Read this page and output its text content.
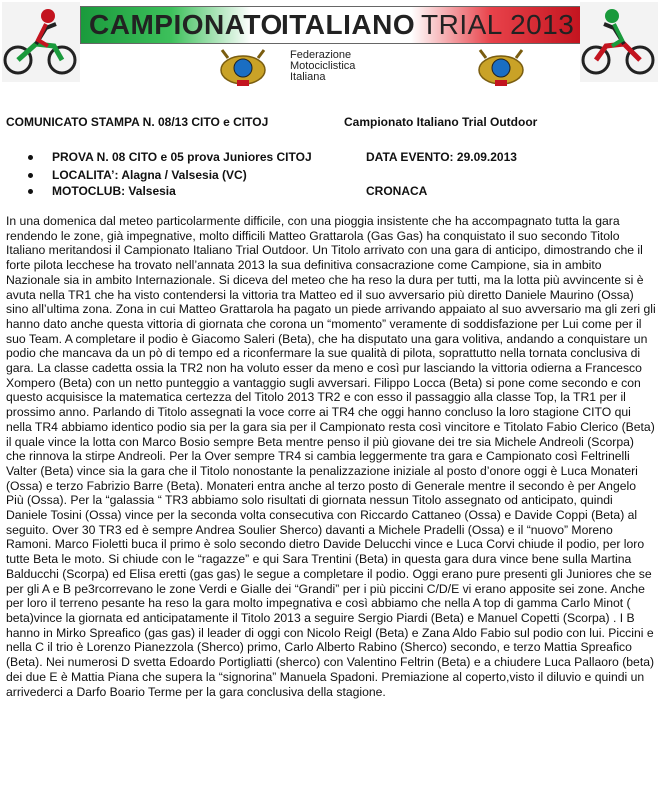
CAMPIONATO
ITALIANO TRIAL 2013
Federazione
Motociclistica
Italiana
COMUNICATO STAMPA N. 08/13 CITO e CITOJ	Campionato Italiano Trial Outdoor
PROVA N. 08 CITO e 05 prova Juniores CITOJ	DATA EVENTO: 29.09.2013
LOCALITA’: Alagna / Valsesia (VC)
MOTOCLUB: Valsesia	CRONACA
In una domenica dal meteo particolarmente difficile, con una pioggia insistente che ha accompagnato tutta la gara rendendo le zone, già impegnative, molto difficili Matteo Grattarola (Gas Gas) ha conquistato il suo secondo Titolo Italiano meritandosi il Campionato Italiano Trial Outdoor. Un Titolo arrivato con una gara di anticipo, dimostrando che il forte pilota lecchese ha trovato nell’annata 2013 la sua definitiva consacrazione come Campione, sia in ambito Nazionale sia in ambito Internazionale. Si diceva del meteo che ha reso la dura per tutti, ma la lotta più avvincente si è avuta nella TR1 che ha visto contendersi la vittoria tra Matteo ed il suo avversario più diretto Daniele Maurino (Ossa) sino all’ultima zona. Zona in cui Matteo Grattarola ha pagato un piede arrivando appaiato al suo avversario ma gli zeri gli hanno dato anche questa vittoria di giornata che corona un “momento” veramente di soddisfazione per Lui come per il suo Team. A completare il podio è Giacomo Saleri (Beta), che ha disputato una gara volitiva, andando a conquistare un podio che mancava da un pò di tempo ed a riconfermare la sue qualità di pilota, soprattutto nella tornata conclusiva di gara. La classe cadetta ossia la TR2 non ha voluto esser da meno e così pur lasciando la vittoria odierna a Francesco Xompero (Beta) con un netto punteggio a vantaggio sugli avversari. Filippo Locca (Beta) si pone come secondo e con questo acquisisce la matematica certezza del Titolo 2013 TR2 e con esso il passaggio alla classe Top, la TR1 per il prossimo anno. Parlando di Titolo assegnati la voce corre ai TR4 che oggi hanno concluso la loro stagione CITO qui nella TR4 abbiamo identico podio sia per la gara sia per il Campionato resta così vincitore e Titolato Fabio Clerico (Beta) il quale vince la lotta con Marco Bosio sempre Beta mentre penso il più giovane dei tre sia Michele Andreoli (Scorpa) che rinnova la stirpe Andreoli. Per la Over sempre TR4 si cambia leggermente tra gara e Campionato così Feltrinelli Valter (Beta) vince sia la gara che il Titolo nonostante la penalizzazione iniziale al posto d’onore oggi è Luca Monateri (Ossa) e terzo Fabrizio Barre (Beta). Monateri entra anche al terzo posto di Generale mentre il secondo è per Angelo Più (Ossa). Per la “galassia “ TR3 abbiamo solo risultati di giornata nessun Titolo assegnato od anticipato, quindi Daniele Tosini (Ossa) vince per la seconda volta consecutiva con Riccardo Cattaneo (Ossa) e Davide Coppi (Beta) al seguito. Over 30 TR3 ed è sempre Andrea Soulier Sherco) davanti a Michele Pradelli (Ossa) e il “nuovo” Moreno Ramoni. Marco Fioletti buca il primo è solo secondo dietro Davide Delucchi vince e Luca Corvi chiude il podio, per loro tutte Beta le moto. Si chiude con le “ragazze” e qui Sara Trentini (Beta) in questa gara dura vince bene sulla Martina Balducchi (Scorpa) ed Elisa eretti (gas gas) le segue a completare il podio. Oggi erano pure presenti gli Juniores che se per gli A e B pe3rcorrevano le zone Verdi e Gialle dei “Grandi” per i più piccini C/D/E vi erano apposite sei zone. Anche per loro il terreno pesante ha reso la gara molto impegnativa e così abbiamo che nella A top di gamma Carlo Minot ( beta)vince la giornata ed anticipatamente il Titolo 2013 a seguire Sergio Piardi (Beta) e Manuel Copetti (Scorpa) . I B hanno in Mirko Spreafico (gas gas) il leader di oggi con Nicolo Reigl (Beta) e Zana Aldo Fabio sul podio con lui. Piccini e nella C il trio è Lorenzo Pianezzola (Sherco) primo, Carlo Alberto Rabino (Sherco) secondo, e terzo Mattia Spreafico (Beta). Nei numerosi D svetta Edoardo Portigliatti (sherco) con Valentino Feltrin (Beta) e a chiudere Luca Pallaoro (beta) dei due E è Mattia Piana che supera la “signorina” Manuela Spadoni. Premiazione al coperto,visto il diluvio e quindi un arrivederci a Darfo Boario Terme per la gara conclusiva della stagione.
